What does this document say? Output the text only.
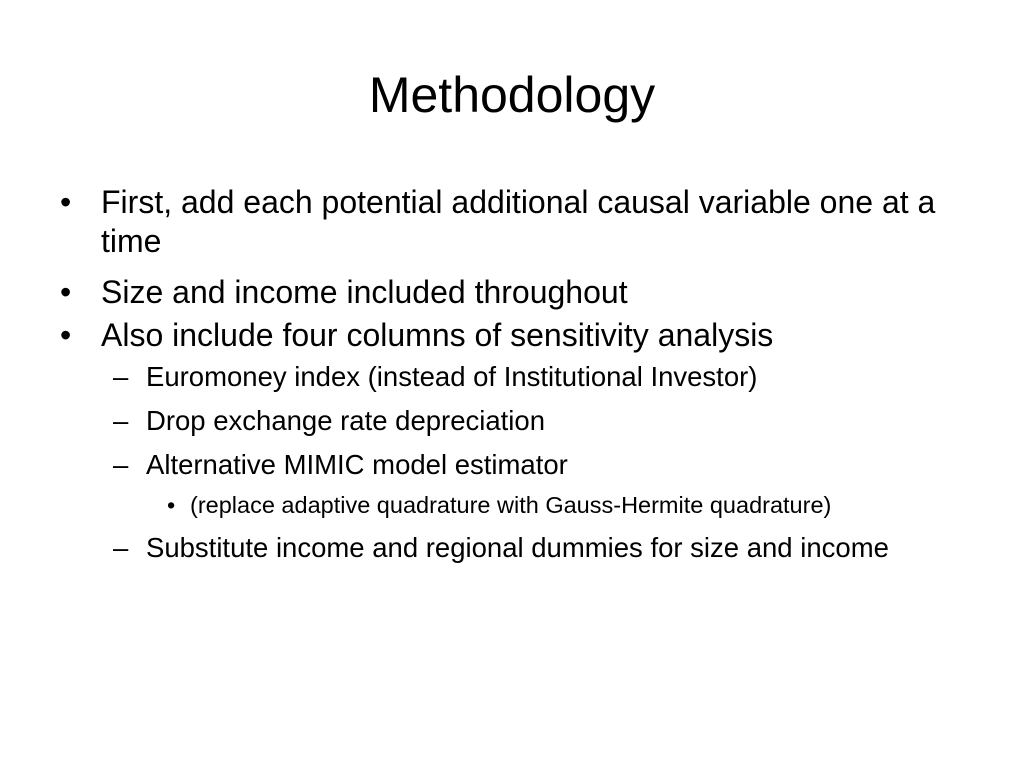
Methodology
• First, add each potential additional causal variable one at a time
• Size and income included throughout
• Also include four columns of sensitivity analysis
– Euromoney index (instead of Institutional Investor)
– Drop exchange rate depreciation
– Alternative MIMIC model estimator
• (replace adaptive quadrature with Gauss-Hermite quadrature)
– Substitute income and regional dummies for size and income
